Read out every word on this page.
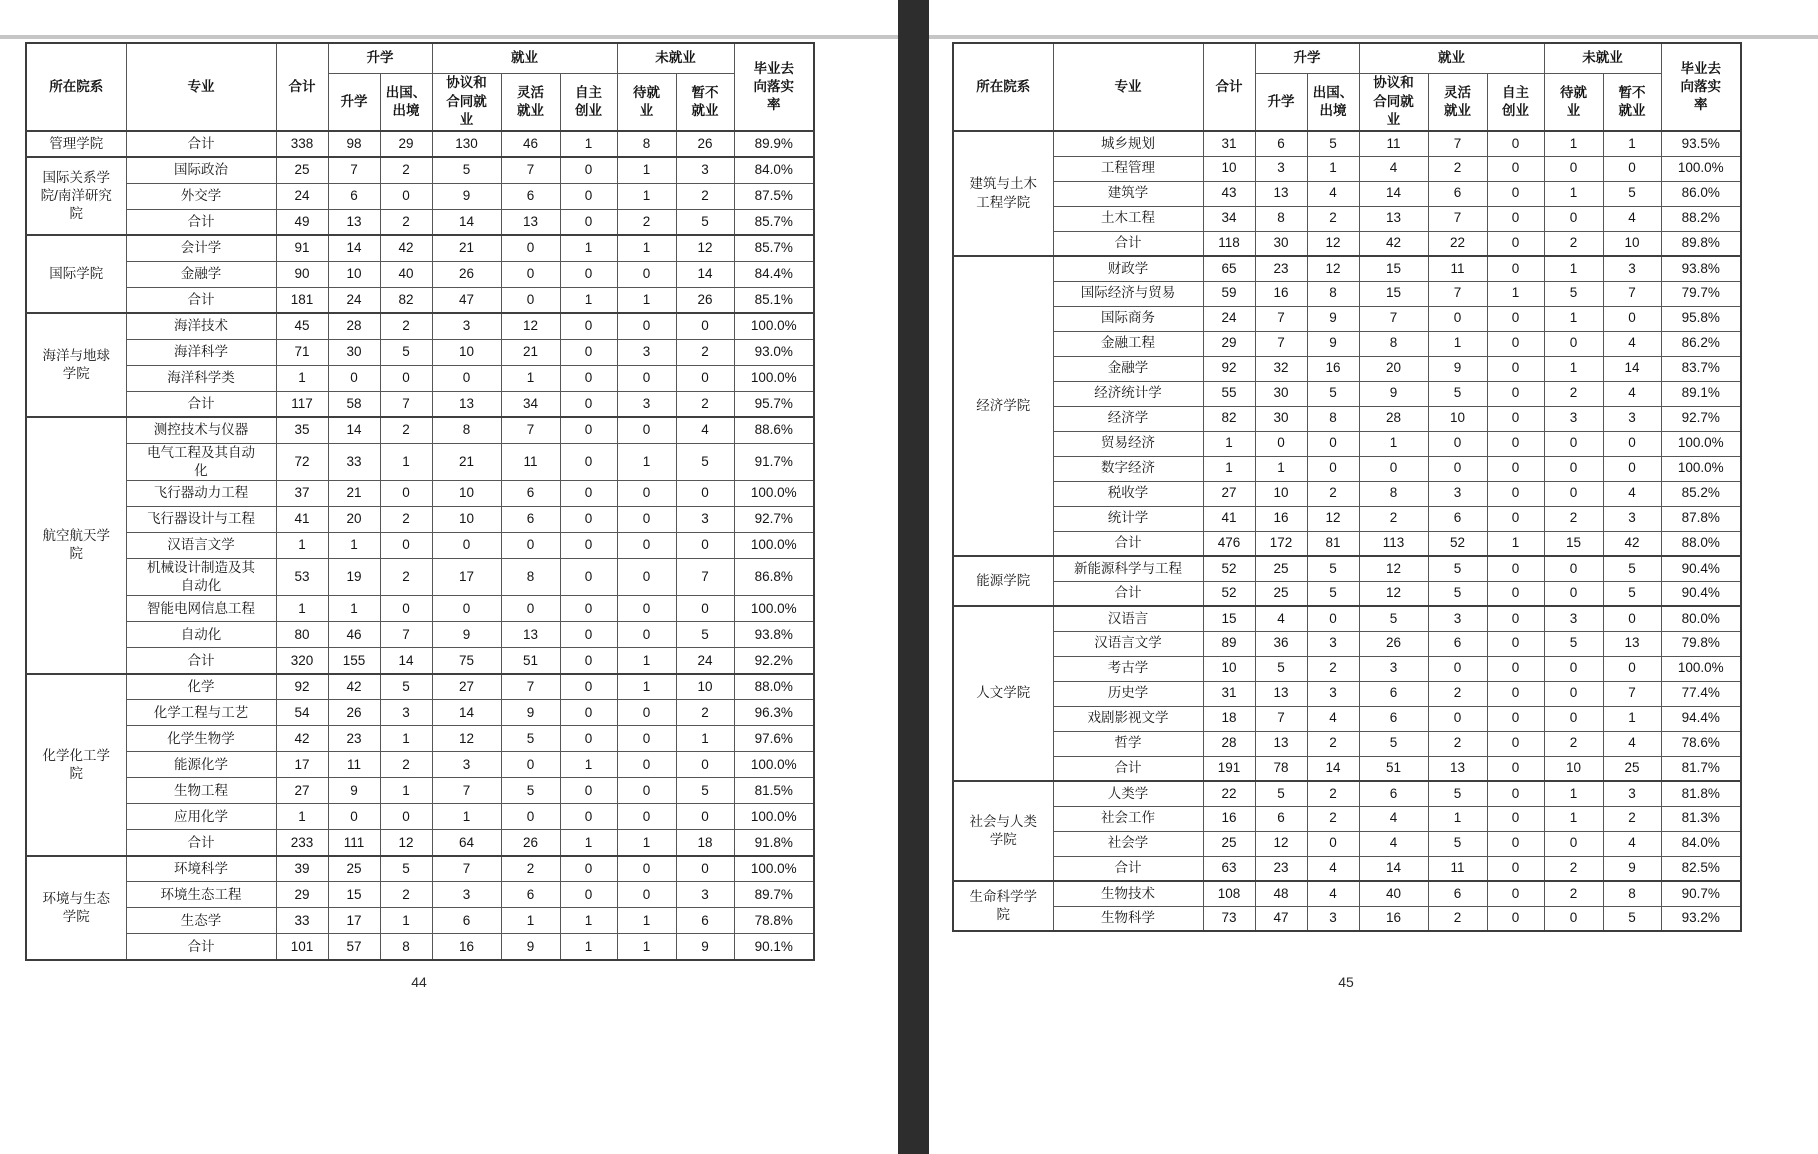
所在院系	专业	合计	升学		就业			未就业		毕业去向落实率
			升学	出国、出境	协议和合同就业	灵活就业	自主创业	待就业	暂不就业	
管理学院	合计	338	98	29	130	46	1	8	26	89.9%
国际关系学院/南洋研究院	国际政治	25	7	2	5	7	0	1	3	84.0%
	外交学	24	6	0	9	6	0	1	2	87.5%
	合计	49	13	2	14	13	0	2	5	85.7%
国际学院	会计学	91	14	42	21	0	1	1	12	85.7%
	金融学	90	10	40	26	0	0	0	14	84.4%
	合计	181	24	82	47	0	1	1	26	85.1%
海洋与地球学院	海洋技术	45	28	2	3	12	0	0	0	100.0%
	海洋科学	71	30	5	10	21	0	3	2	93.0%
	海洋科学类	1	0	0	0	1	0	0	0	100.0%
	合计	117	58	7	13	34	0	3	2	95.7%
航空航天学院	测控技术与仪器	35	14	2	8	7	0	0	4	88.6%
	电气工程及其自动化	72	33	1	21	11	0	1	5	91.7%
	飞行器动力工程	37	21	0	10	6	0	0	0	100.0%
	飞行器设计与工程	41	20	2	10	6	0	0	3	92.7%
	汉语言文学	1	1	0	0	0	0	0	0	100.0%
	机械设计制造及其自动化	53	19	2	17	8	0	0	7	86.8%
	智能电网信息工程	1	1	0	0	0	0	0	0	100.0%
	自动化	80	46	7	9	13	0	0	5	93.8%
	合计	320	155	14	75	51	0	1	24	92.2%
化学化工学院	化学	92	42	5	27	7	0	1	10	88.0%
	化学工程与工艺	54	26	3	14	9	0	0	2	96.3%
	化学生物学	42	23	1	12	5	0	0	1	97.6%
	能源化学	17	11	2	3	0	1	0	0	100.0%
	生物工程	27	9	1	7	5	0	0	5	81.5%
	应用化学	1	0	0	1	0	0	0	0	100.0%
	合计	233	111	12	64	26	1	1	18	91.8%
环境与生态学院	环境科学	39	25	5	7	2	0	0	0	100.0%
	环境生态工程	29	15	2	3	6	0	0	3	89.7%
	生态学	33	17	1	6	1	1	1	6	78.8%
	合计	101	57	8	16	9	1	1	9	90.1%
44
所在院系	专业	合计	升学		就业			未就业		毕业去向落实率
			升学	出国、出境	协议和合同就业	灵活就业	自主创业	待就业	暂不就业	
建筑与土木工程学院	城乡规划	31	6	5	11	7	0	1	1	93.5%
	工程管理	10	3	1	4	2	0	0	0	100.0%
	建筑学	43	13	4	14	6	0	1	5	86.0%
	土木工程	34	8	2	13	7	0	0	4	88.2%
	合计	118	30	12	42	22	0	2	10	89.8%
经济学院	财政学	65	23	12	15	11	0	1	3	93.8%
	国际经济与贸易	59	16	8	15	7	1	5	7	79.7%
	国际商务	24	7	9	7	0	0	1	0	95.8%
	金融工程	29	7	9	8	1	0	0	4	86.2%
	金融学	92	32	16	20	9	0	1	14	83.7%
	经济统计学	55	30	5	9	5	0	2	4	89.1%
	经济学	82	30	8	28	10	0	3	3	92.7%
	贸易经济	1	0	0	1	0	0	0	0	100.0%
	数字经济	1	1	0	0	0	0	0	0	100.0%
	税收学	27	10	2	8	3	0	0	4	85.2%
	统计学	41	16	12	2	6	0	2	3	87.8%
	合计	476	172	81	113	52	1	15	42	88.0%
能源学院	新能源科学与工程	52	25	5	12	5	0	0	5	90.4%
	合计	52	25	5	12	5	0	0	5	90.4%
人文学院	汉语言	15	4	0	5	3	0	3	0	80.0%
	汉语言文学	89	36	3	26	6	0	5	13	79.8%
	考古学	10	5	2	3	0	0	0	0	100.0%
	历史学	31	13	3	6	2	0	0	7	77.4%
	戏剧影视文学	18	7	4	6	0	0	0	1	94.4%
	哲学	28	13	2	5	2	0	2	4	78.6%
	合计	191	78	14	51	13	0	10	25	81.7%
社会与人类学院	人类学	22	5	2	6	5	0	1	3	81.8%
	社会工作	16	6	2	4	1	0	1	2	81.3%
	社会学	25	12	0	4	5	0	0	4	84.0%
	合计	63	23	4	14	11	0	2	9	82.5%
生命科学学院	生物技术	108	48	4	40	6	0	2	8	90.7%
	生物科学	73	47	3	16	2	0	0	5	93.2%
45
